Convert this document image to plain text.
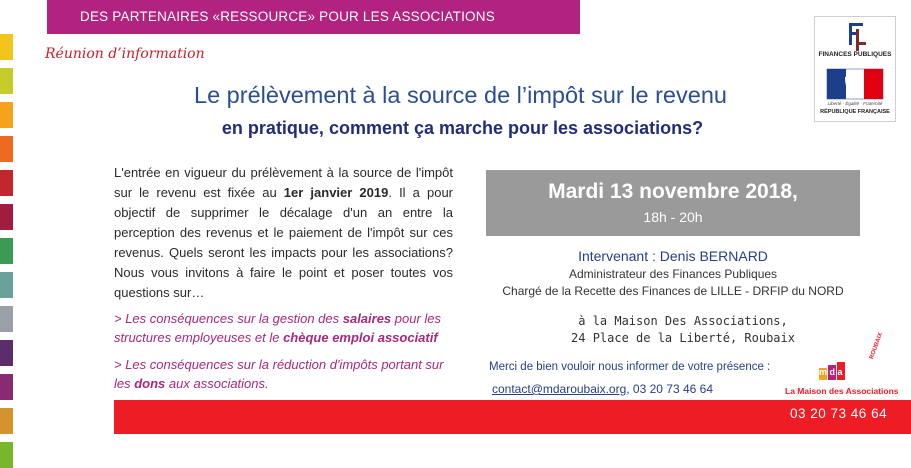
DES PARTENAIRES «RESSOURCE» POUR LES ASSOCIATIONS
FINANCES PUBLIQUES
Liberté · Égalité · Fraternité
RÉPUBLIQUE FRANÇAISE
Réunion d’information
Le prélèvement à la source de l’impôt sur le revenu
en pratique, comment ça marche pour les associations?
L'entrée en vigueur du prélèvement à la source de l'impôt sur le revenu est fixée au 1er janvier 2019. Il a pour objectif de supprimer le décalage d'un an entre la perception des revenus et le paiement de l'impôt sur ces revenus. Quels seront les impacts pour les associations? Nous vous invitons à faire le point et poser toutes vos questions sur…
> Les conséquences sur la gestion des salaires pour les structures employeuses et le chèque emploi associatif
> Les conséquences sur la réduction d'impôts portant sur les dons aux associations.
Mardi 13 novembre 2018,
18h - 20h
Intervenant : Denis BERNARD
Administrateur des Finances Publiques
Chargé de la Recette des Finances de LILLE - DRFIP du NORD
à la Maison Des Associations,
24 Place de la Liberté, Roubaix
Merci de bien vouloir nous informer de votre présence :
contact@mdaroubaix.org, 03 20 73 46 64
ROUBAIX
m d a
La Maison des Associations
03 20 73 46 64
